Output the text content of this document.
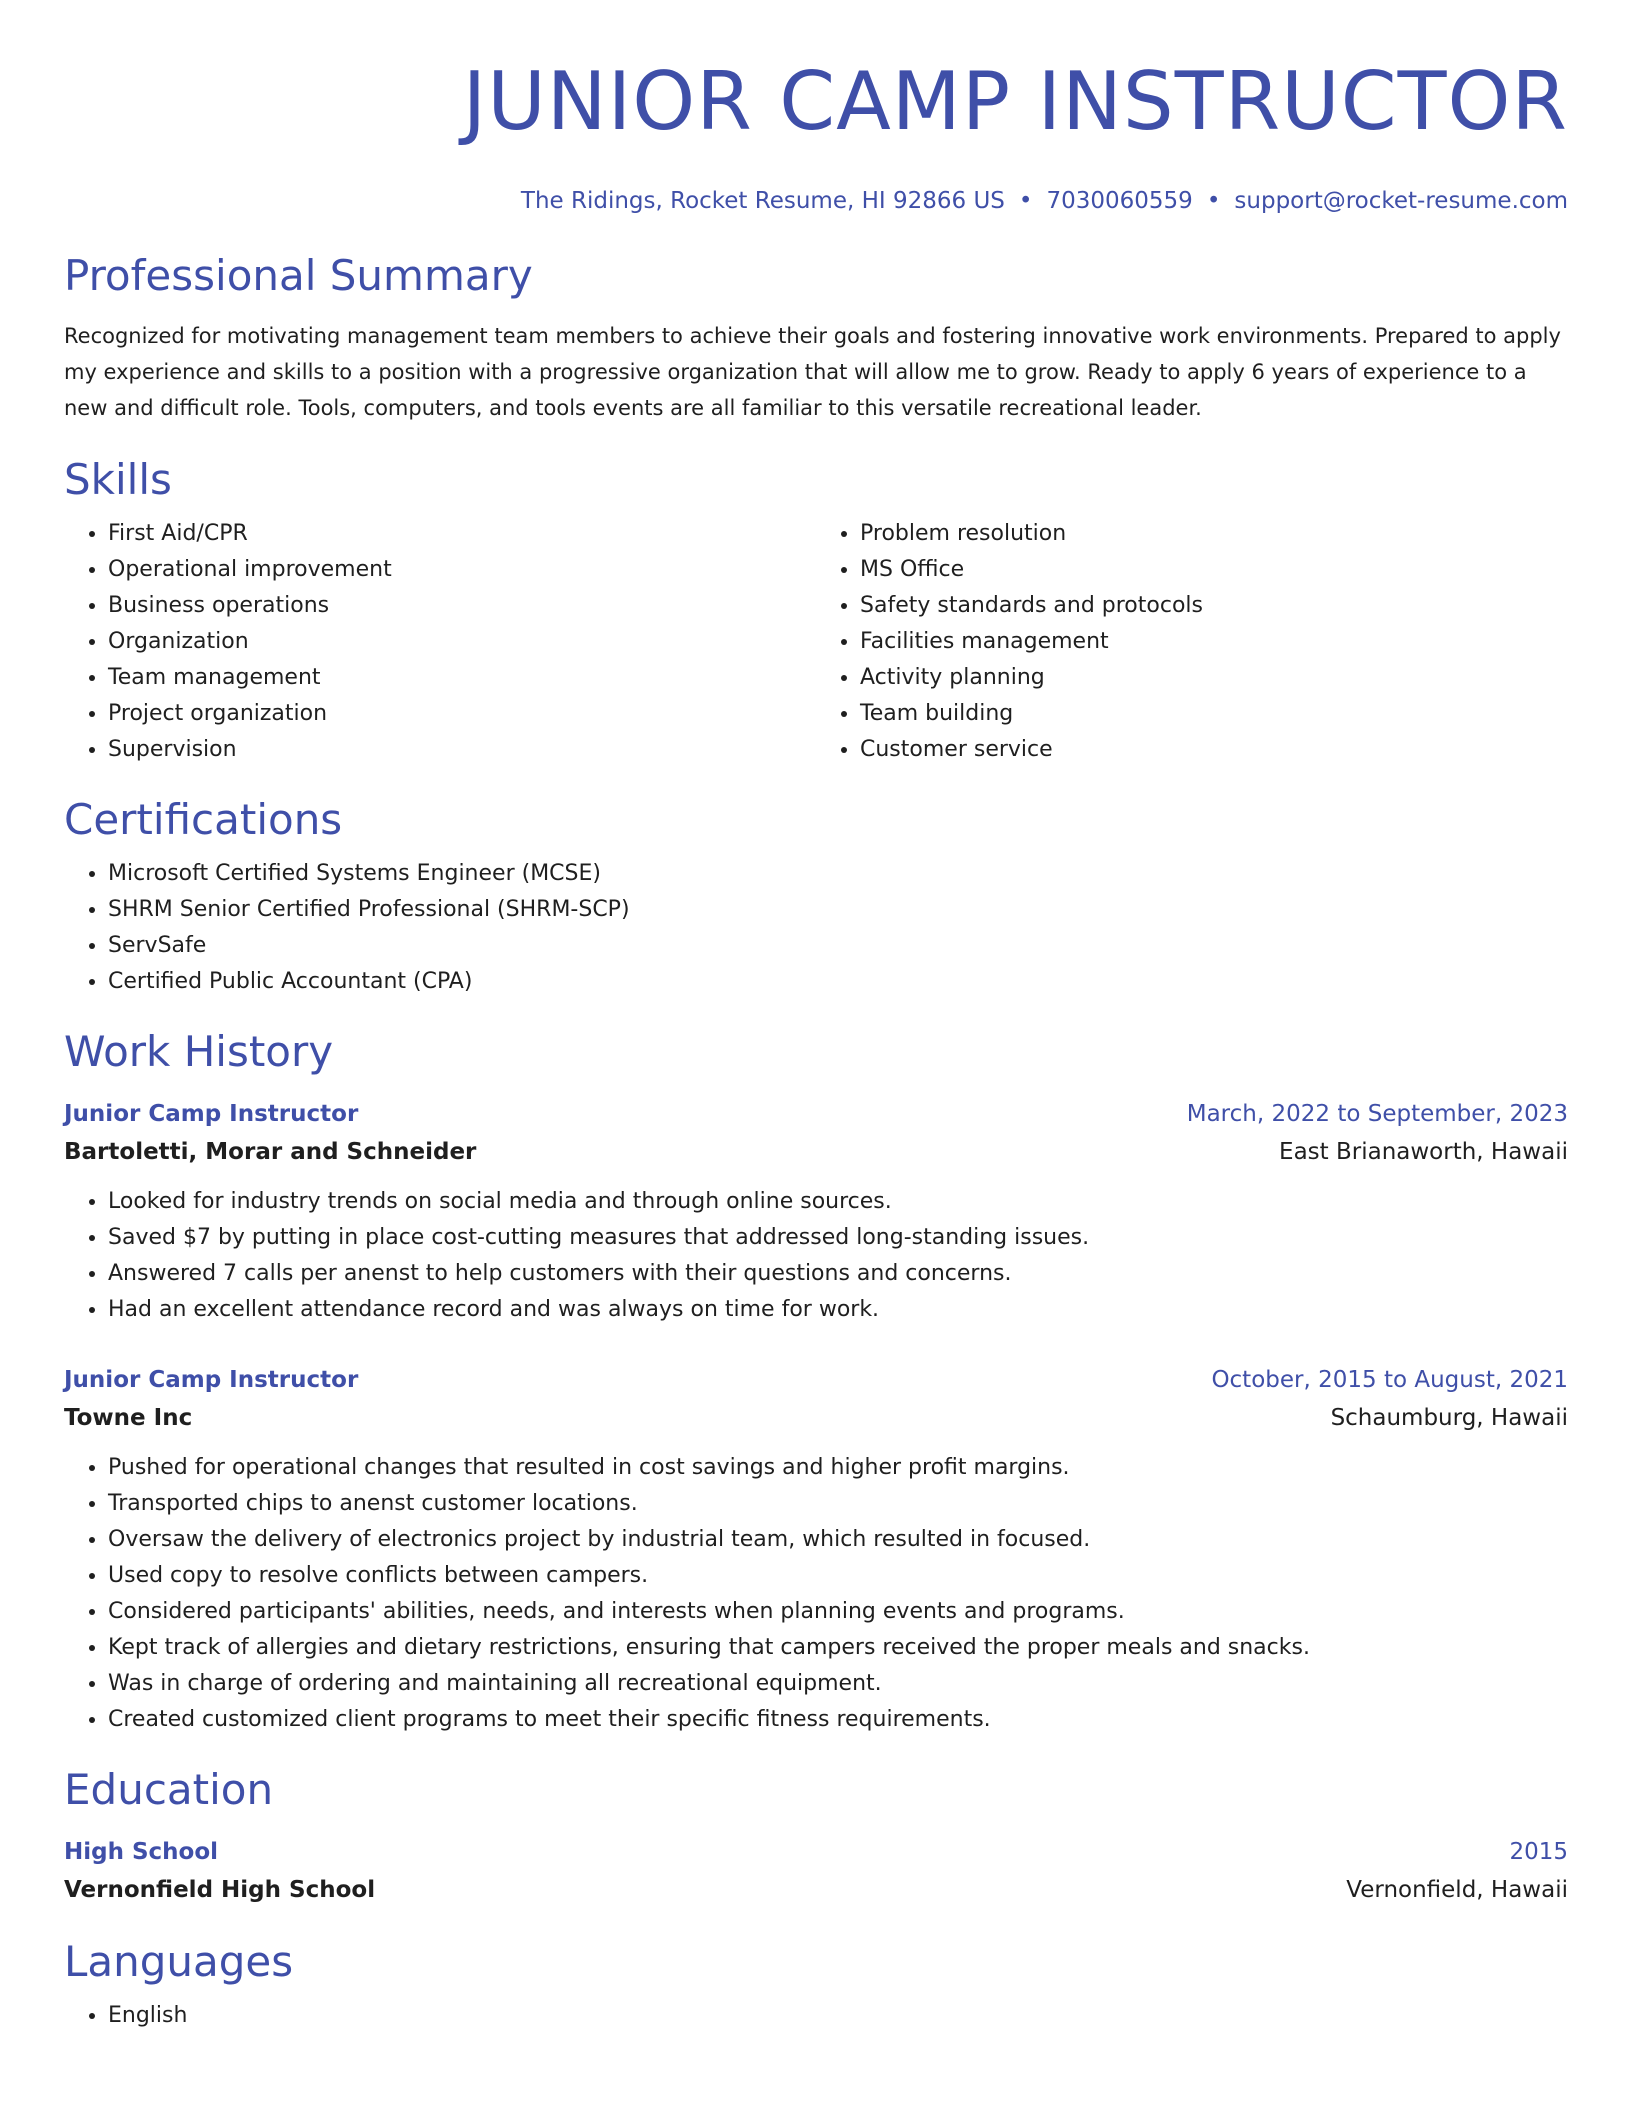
JUNIOR CAMP INSTRUCTOR
The Ridings, Rocket Resume, HI 92866 US • 7030060559 • support@rocket-resume.com
Professional Summary
Recognized for motivating management team members to achieve their goals and fostering innovative work environments. Prepared to apply my experience and skills to a position with a progressive organization that will allow me to grow. Ready to apply 6 years of experience to a new and difficult role. Tools, computers, and tools events are all familiar to this versatile recreational leader.
Skills
• First Aid/CPR
• Operational improvement
• Business operations
• Organization
• Team management
• Project organization
• Supervision
• Problem resolution
• MS Office
• Safety standards and protocols
• Facilities management
• Activity planning
• Team building
• Customer service
Certifications
• Microsoft Certified Systems Engineer (MCSE)
• SHRM Senior Certified Professional (SHRM-SCP)
• ServSafe
• Certified Public Accountant (CPA)
Work History
Junior Camp Instructor	March, 2022 to September, 2023
Bartoletti, Morar and Schneider	East Brianaworth, Hawaii
• Looked for industry trends on social media and through online sources.
• Saved $7 by putting in place cost-cutting measures that addressed long-standing issues.
• Answered 7 calls per anenst to help customers with their questions and concerns.
• Had an excellent attendance record and was always on time for work.
Junior Camp Instructor	October, 2015 to August, 2021
Towne Inc	Schaumburg, Hawaii
• Pushed for operational changes that resulted in cost savings and higher profit margins.
• Transported chips to anenst customer locations.
• Oversaw the delivery of electronics project by industrial team, which resulted in focused.
• Used copy to resolve conflicts between campers.
• Considered participants' abilities, needs, and interests when planning events and programs.
• Kept track of allergies and dietary restrictions, ensuring that campers received the proper meals and snacks.
• Was in charge of ordering and maintaining all recreational equipment.
• Created customized client programs to meet their specific fitness requirements.
Education
High School	2015
Vernonfield High School	Vernonfield, Hawaii
Languages
• English
